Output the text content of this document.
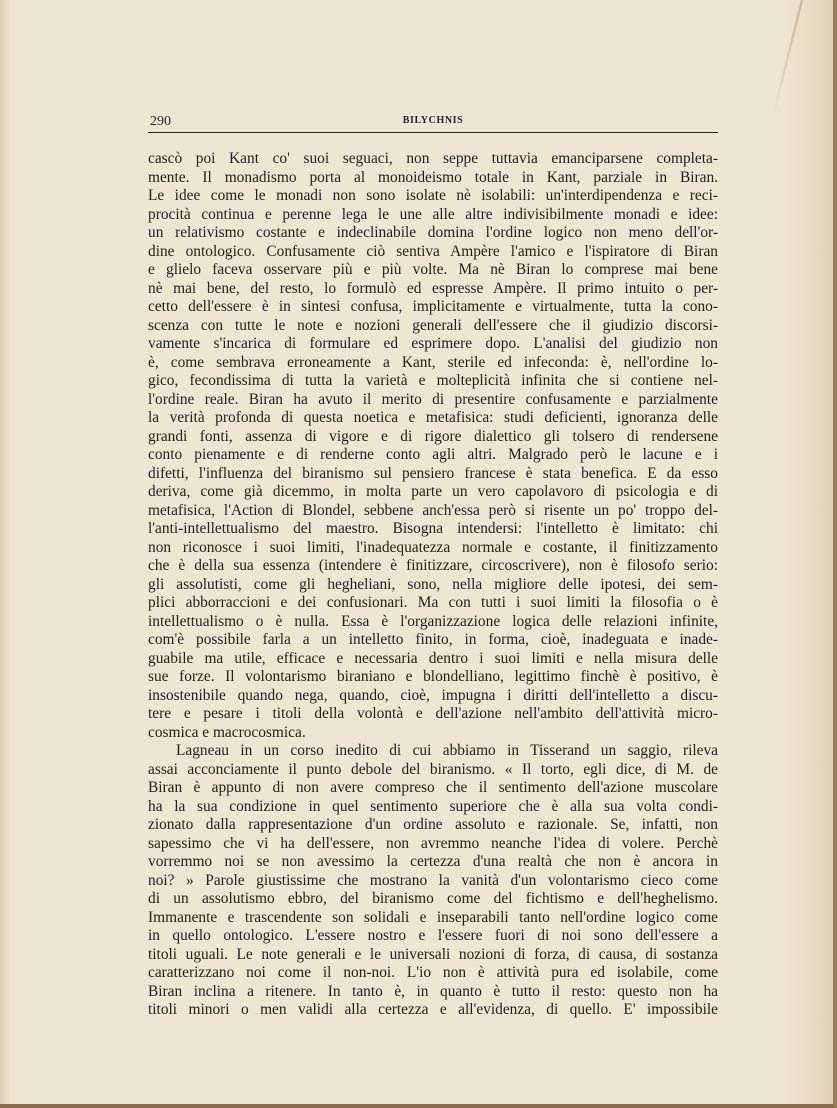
290	BILYCHNIS
cascò poi Kant co' suoi seguaci, non seppe tuttavia emanciparsene completa-
mente. Il monadismo porta al monoideismo totale in Kant, parziale in Biran.
Le idee come le monadi non sono isolate nè isolabili: un'interdipendenza e reci-
procità continua e perenne lega le une alle altre indivisibilmente monadi e idee:
un relativismo costante e indeclinabile domina l'ordine logico non meno dell'or-
dine ontologico. Confusamente ciò sentiva Ampère l'amico e l'ispiratore di Biran
e glielo faceva osservare più e più volte. Ma nè Biran lo comprese mai bene
nè mai bene, del resto, lo formulò ed espresse Ampère. Il primo intuito o per-
cetto dell'essere è in sintesi confusa, implicitamente e virtualmente, tutta la cono-
scenza con tutte le note e nozioni generali dell'essere che il giudizio discorsi-
vamente s'incarica di formulare ed esprimere dopo. L'analisi del giudizio non
è, come sembrava erroneamente a Kant, sterile ed infeconda: è, nell'ordine lo-
gico, fecondissima di tutta la varietà e molteplicità infinita che si contiene nel-
l'ordine reale. Biran ha avuto il merito di presentire confusamente e parzialmente
la verità profonda di questa noetica e metafisica: studi deficienti, ignoranza delle
grandi fonti, assenza di vigore e di rigore dialettico gli tolsero di rendersene
conto pienamente e di renderne conto agli altri. Malgrado però le lacune e i
difetti, l'influenza del biranismo sul pensiero francese è stata benefica. E da esso
deriva, come già dicemmo, in molta parte un vero capolavoro di psicologia e di
metafisica, l'Action di Blondel, sebbene anch'essa però si risente un po' troppo del-
l'anti-intellettualismo del maestro. Bisogna intendersi: l'intelletto è limitato: chi
non riconosce i suoi limiti, l'inadequatezza normale e costante, il finitizzamento
che è della sua essenza (intendere è finitizzare, circoscrivere), non è filosofo serio:
gli assolutisti, come gli hegheliani, sono, nella migliore delle ipotesi, dei sem-
plici abborraccioni e dei confusionari. Ma con tutti i suoi limiti la filosofia o è
intellettualismo o è nulla. Essa è l'organizzazione logica delle relazioni infinite,
com'è possibile farla a un intelletto finito, in forma, cioè, inadeguata e inade-
guabile ma utile, efficace e necessaria dentro i suoi limiti e nella misura delle
sue forze. Il volontarismo biraniano e blondelliano, legittimo finchè è positivo, è
insostenibile quando nega, quando, cioè, impugna i diritti dell'intelletto a discu-
tere e pesare i titoli della volontà e dell'azione nell'ambito dell'attività micro-
cosmica e macrocosmica.
Lagneau in un corso inedito di cui abbiamo in Tisserand un saggio, rileva
assai acconciamente il punto debole del biranismo. « Il torto, egli dice, di M. de
Biran è appunto di non avere compreso che il sentimento dell'azione muscolare
ha la sua condizione in quel sentimento superiore che è alla sua volta condi-
zionato dalla rappresentazione d'un ordine assoluto e razionale. Se, infatti, non
sapessimo che vi ha dell'essere, non avremmo neanche l'idea di volere. Perchè
vorremmo noi se non avessimo la certezza d'una realtà che non è ancora in
noi? » Parole giustissime che mostrano la vanità d'un volontarismo cieco come
di un assolutismo ebbro, del biranismo come del fichtismo e dell'heghelismo.
Immanente e trascendente son solidali e inseparabili tanto nell'ordine logico come
in quello ontologico. L'essere nostro e l'essere fuori di noi sono dell'essere a
titoli uguali. Le note generali e le universali nozioni di forza, di causa, di sostanza
caratterizzano noi come il non-noi. L'io non è attività pura ed isolabile, come
Biran inclina a ritenere. In tanto è, in quanto è tutto il resto: questo non ha
titoli minori o men validi alla certezza e all'evidenza, di quello. E' impossibile
